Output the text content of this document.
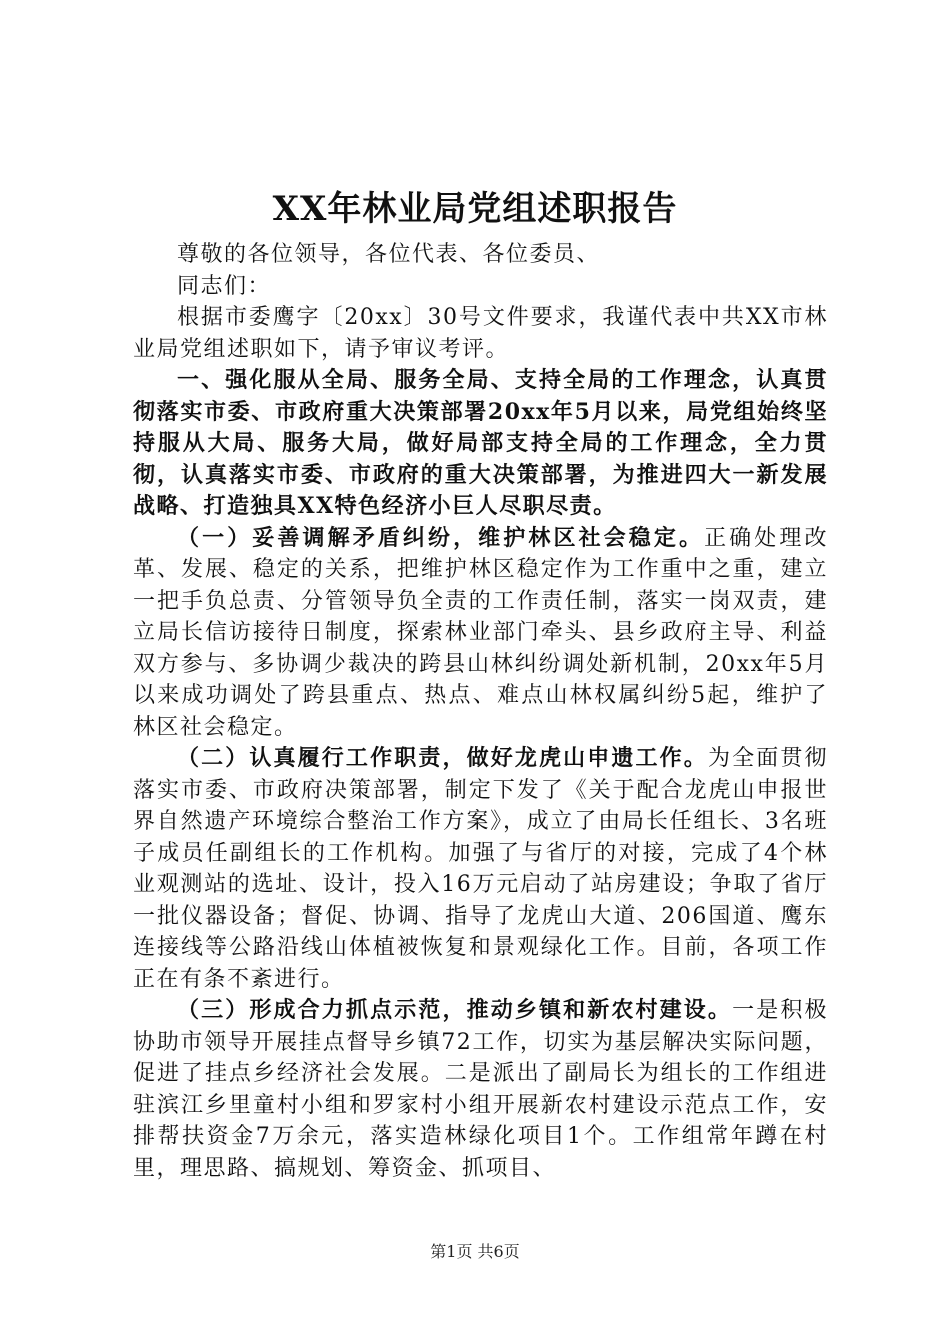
XX年林业局党组述职报告

尊敬的各位领导，各位代表、各位委员、

同志们：

根据市委鹰字〔20xx〕30号文件要求，我谨代表中共XX市林业局党组述职如下，请予审议考评。

一、强化服从全局、服务全局、支持全局的工作理念，认真贯彻落实市委、市政府重大决策部署20xx年5月以来，局党组始终坚持服从大局、服务大局，做好局部支持全局的工作理念，全力贯彻，认真落实市委、市政府的重大决策部署，为推进四大一新发展战略、打造独具XX特色经济小巨人尽职尽责。

（一）妥善调解矛盾纠纷，维护林区社会稳定。正确处理改革、发展、稳定的关系，把维护林区稳定作为工作重中之重，建立一把手负总责、分管领导负全责的工作责任制，落实一岗双责，建立局长信访接待日制度，探索林业部门牵头、县乡政府主导、利益双方参与、多协调少裁决的跨县山林纠纷调处新机制，20xx年5月以来成功调处了跨县重点、热点、难点山林权属纠纷5起，维护了林区社会稳定。

（二）认真履行工作职责，做好龙虎山申遗工作。为全面贯彻落实市委、市政府决策部署，制定下发了《关于配合龙虎山申报世界自然遗产环境综合整治工作方案》，成立了由局长任组长、3名班子成员任副组长的工作机构。加强了与省厅的对接，完成了4个林业观测站的选址、设计，投入16万元启动了站房建设；争取了省厅一批仪器设备；督促、协调、指导了龙虎山大道、206国道、鹰东连接线等公路沿线山体植被恢复和景观绿化工作。目前，各项工作正在有条不紊进行。

（三）形成合力抓点示范，推动乡镇和新农村建设。一是积极协助市领导开展挂点督导乡镇72工作，切实为基层解决实际问题，促进了挂点乡经济社会发展。二是派出了副局长为组长的工作组进驻滨江乡里童村小组和罗家村小组开展新农村建设示范点工作，安排帮扶资金7万余元，落实造林绿化项目1个。工作组常年蹲在村里，理思路、搞规划、筹资金、抓项目、

第1页 共6页
